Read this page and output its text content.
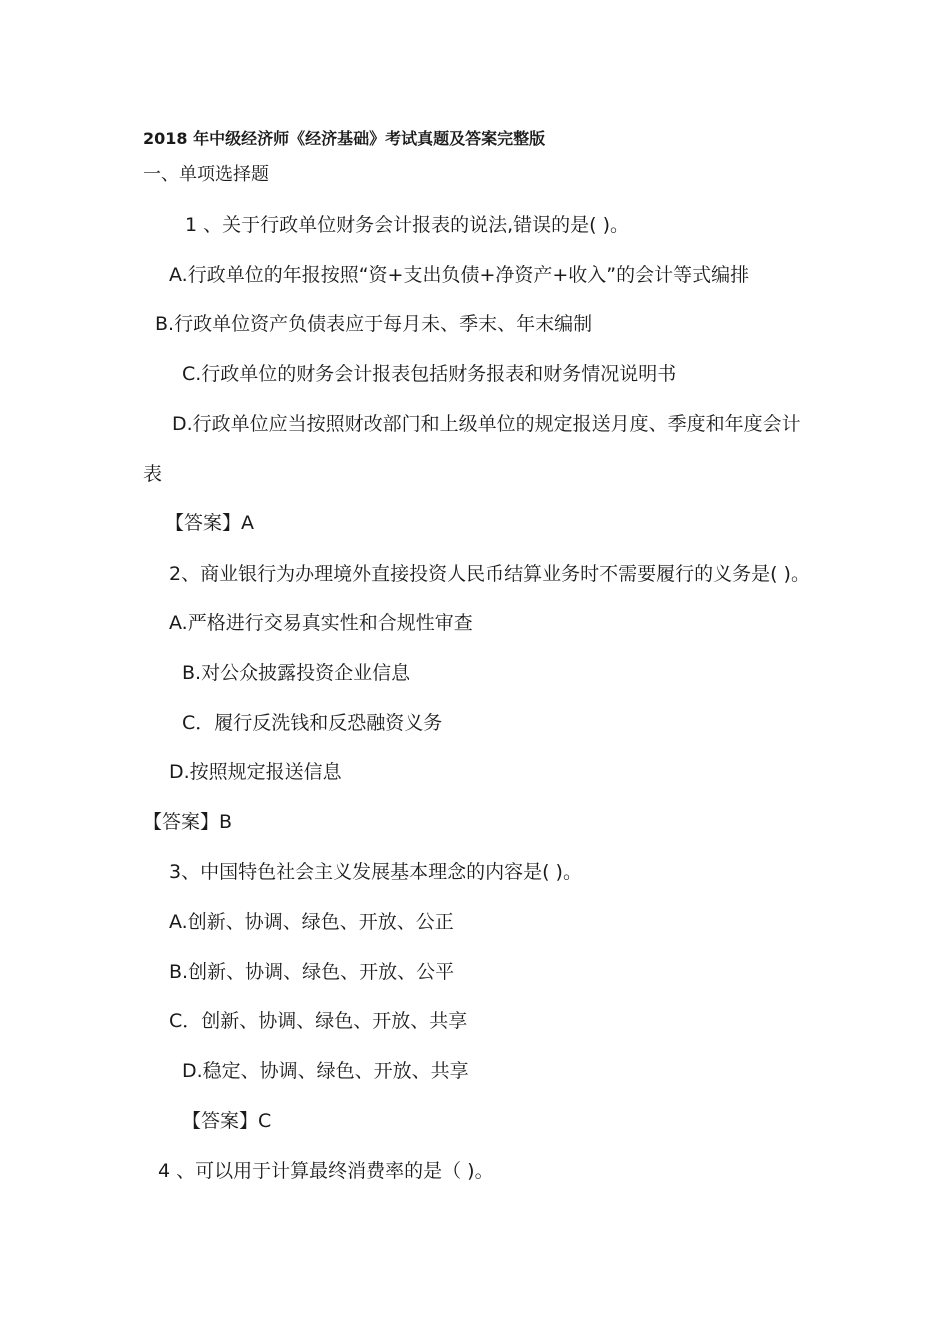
2018 年中级经济师《经济基础》考试真题及答案完整版
一、单项选择题
1 、关于行政单位财务会计报表的说法,错误的是( )。
A.行政单位的年报按照“资+支出负债+净资产+收入”的会计等式编排
B.行政单位资产负债表应于每月未、季末、年末编制
C.行政单位的财务会计报表包括财务报表和财务情况说明书
D.行政单位应当按照财改部门和上级单位的规定报送月度、季度和年度会计
表
【答案】A
2、商业银行为办理境外直接投资人民币结算业务时不需要履行的义务是( )。
A.严格进行交易真实性和合规性审查
B.对公众披露投资企业信息
C．履行反洗钱和反恐融资义务
D.按照规定报送信息
【答案】B
3、中国特色社会主义发展基本理念的内容是( )。
A.创新、协调、绿色、开放、公正
B.创新、协调、绿色、开放、公平
C．创新、协调、绿色、开放、共享
D.稳定、协调、绿色、开放、共享
【答案】C
4 、可以用于计算最终消费率的是（ )。
